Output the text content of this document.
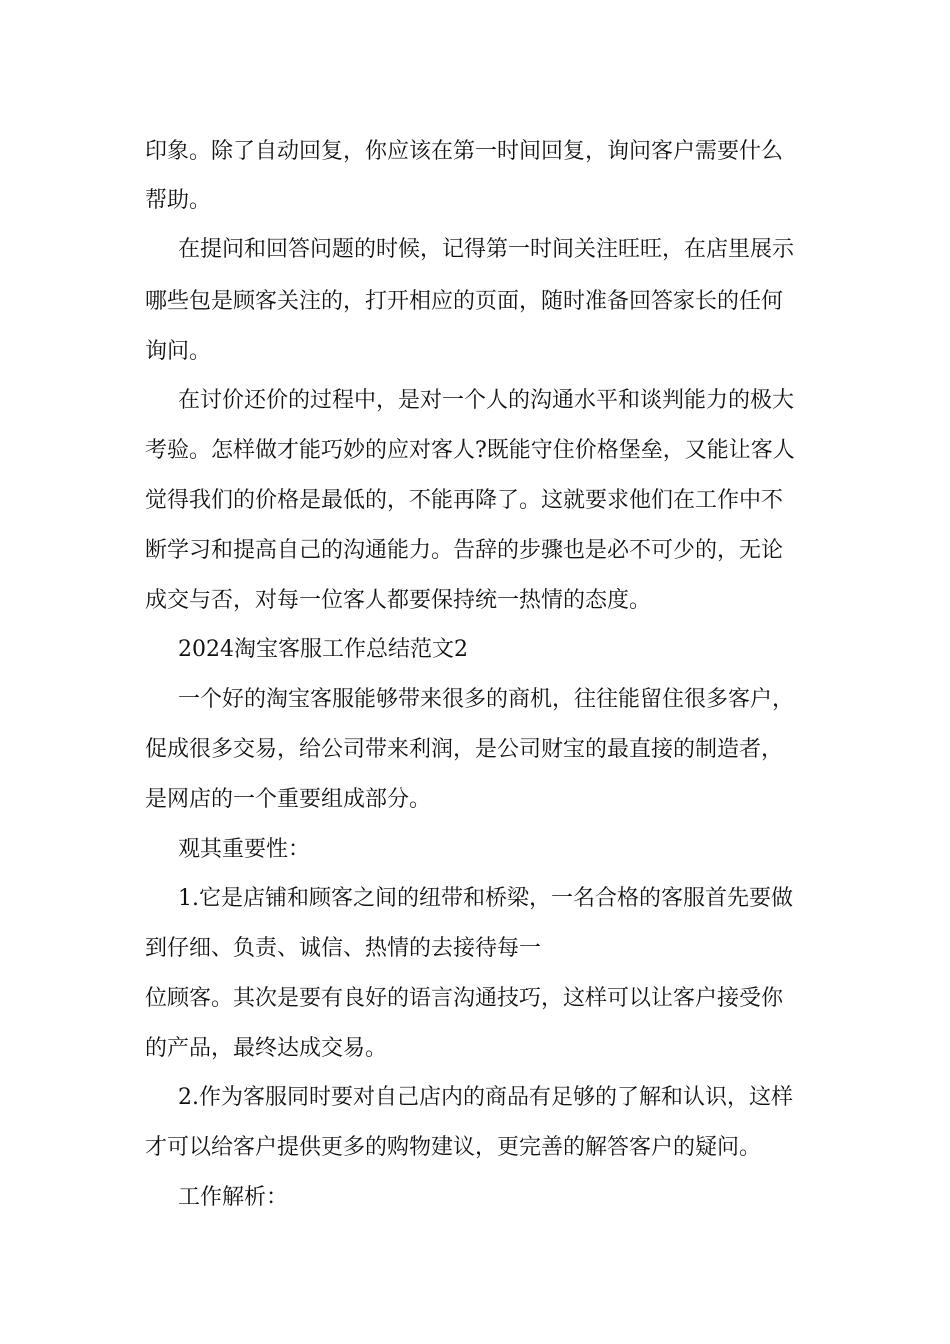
印象。除了自动回复，你应该在第一时间回复，询问客户需要什么
帮助。
在提问和回答问题的时候，记得第一时间关注旺旺，在店里展示
哪些包是顾客关注的，打开相应的页面，随时准备回答家长的任何
询问。
在讨价还价的过程中，是对一个人的沟通水平和谈判能力的极大
考验。怎样做才能巧妙的应对客人?既能守住价格堡垒，又能让客人
觉得我们的价格是最低的，不能再降了。这就要求他们在工作中不
断学习和提高自己的沟通能力。告辞的步骤也是必不可少的，无论
成交与否，对每一位客人都要保持统一热情的态度。
2024淘宝客服工作总结范文2
一个好的淘宝客服能够带来很多的商机，往往能留住很多客户，
促成很多交易，给公司带来利润，是公司财宝的最直接的制造者，
是网店的一个重要组成部分。
观其重要性：
1.它是店铺和顾客之间的纽带和桥梁，一名合格的客服首先要做
到仔细、负责、诚信、热情的去接待每一
位顾客。其次是要有良好的语言沟通技巧，这样可以让客户接受你
的产品，最终达成交易。
2.作为客服同时要对自己店内的商品有足够的了解和认识，这样
才可以给客户提供更多的购物建议，更完善的解答客户的疑问。
工作解析：
